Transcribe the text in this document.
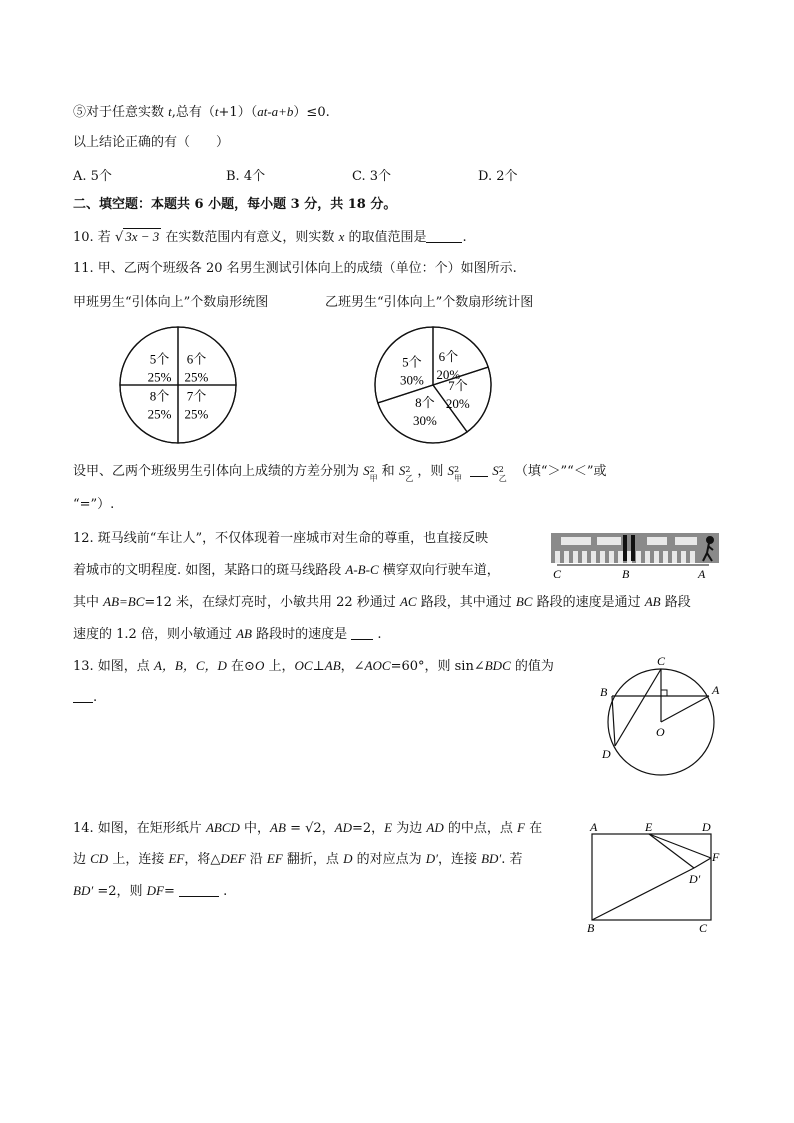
⑤对于任意实数 t,总有（t+1）（at-a+b）≤0.
以上结论正确的有（　　）
A. 5个	B. 4个	C. 3个	D. 2个
二、填空题：本题共 6 小题，每小题 3 分，共 18 分。
10. 若 √ 3x − 3 在实数范围内有意义，则实数 x 的取值范围是	.
11. 甲、乙两个班级各 20 名男生测试引体向上的成绩（单位：个）如图所示.
甲班男生“引体向上”个数扇形统图	乙班男生“引体向上”个数扇形统计图
5个
25%
6个
25%
7个
25%
8个
25%
5个
30%
6个
20%
7个
20%
8个
30%
设甲、乙两个班级男生引体向上成绩的方差分别为 S 2
甲 和 S 2
乙 ，则 S 2
甲
S 2
乙 （填“＞”“＜”或
“=”）.
12. 斑马线前“车让人”，不仅体现着一座城市对生命的尊重，也直接反映
着城市的文明程度. 如图，某路口的斑马线路段 A-B-C 横穿双向行驶车道，
其中 AB=BC=12 米，在绿灯亮时，小敏共用 22 秒通过 AC 路段，其中通过 BC 路段的速度是通过 AB 路段
速度的 1.2 倍，则小敏通过 AB 路段时的速度是 .
C	B	A
13. 如图，点 A，B，C，D 在⊙O 上，OC⊥AB，∠AOC=60°，则 sin∠BDC 的值为
.
C
B	A
O
D
14. 如图，在矩形纸片 ABCD 中，AB = √2，AD=2，E 为边 AD 的中点，点 F 在
边 CD 上，连接 EF，将△DEF 沿 EF 翻折，点 D 的对应点为 D′，连接 BD′. 若
BD′ =2，则 DF=	.
A	E	D
F
D′
B	C
